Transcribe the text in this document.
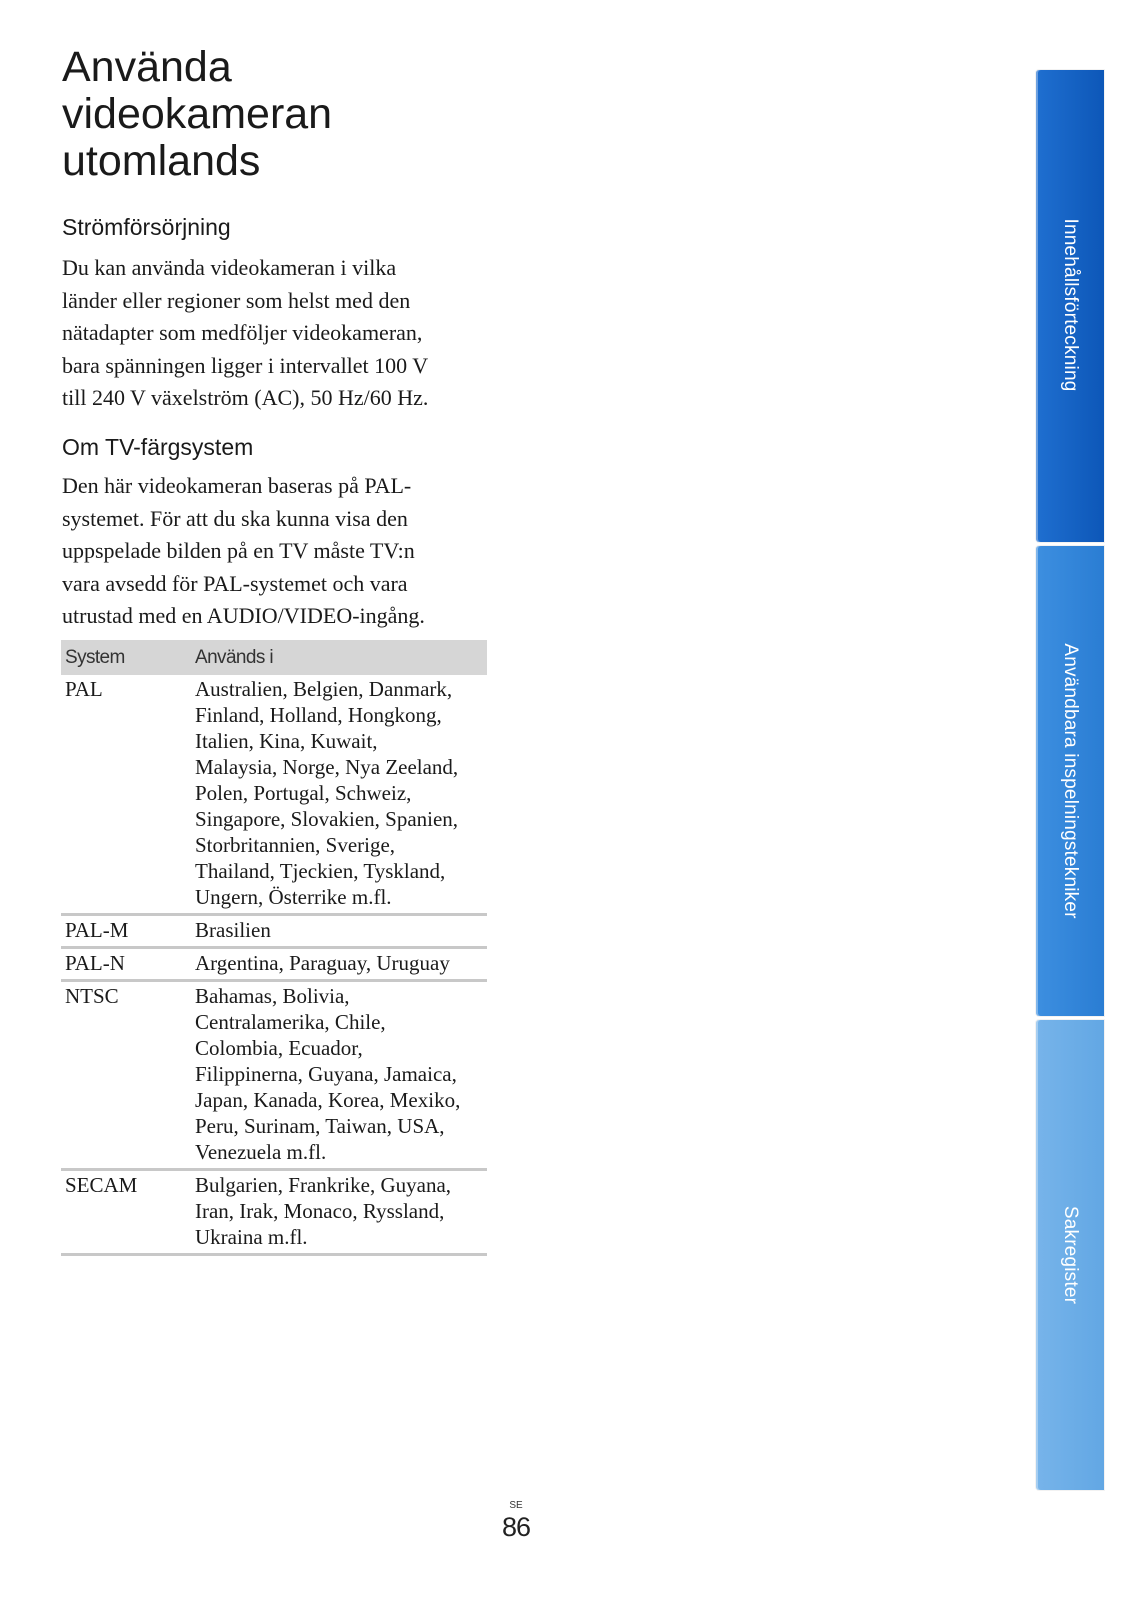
Använda
videokameran
utomlands
Strömförsörjning

Du kan använda videokameran i vilka
länder eller regioner som helst med den
nätadapter som medföljer videokameran,
bara spänningen ligger i intervallet 100 V
till 240 V växelström (AC), 50 Hz/60 Hz.

Om TV-färgsystem

Den här videokameran baseras på PAL-
systemet. För att du ska kunna visa den
uppspelade bilden på en TV måste TV:n
vara avsedd för PAL-systemet och vara
utrustad med en AUDIO/VIDEO-ingång.

System	Används i
PAL	Australien, Belgien, Danmark,
Finland, Holland, Hongkong,
Italien, Kina, Kuwait,
Malaysia, Norge, Nya Zeeland,
Polen, Portugal, Schweiz,
Singapore, Slovakien, Spanien,
Storbritannien, Sverige,
Thailand, Tjeckien, Tyskland,
Ungern, Österrike m.fl.
PAL-M	Brasilien
PAL-N	Argentina, Paraguay, Uruguay
NTSC	Bahamas, Bolivia,
Centralamerika, Chile,
Colombia, Ecuador,
Filippinerna, Guyana, Jamaica,
Japan, Kanada, Korea, Mexiko,
Peru, Surinam, Taiwan, USA,
Venezuela m.fl.
SECAM	Bulgarien, Frankrike, Guyana,
Iran, Irak, Monaco, Ryssland,
Ukraina m.fl.
Innehållsförteckning
Användbara inspelningstekniker
Sakregister
SE
86
